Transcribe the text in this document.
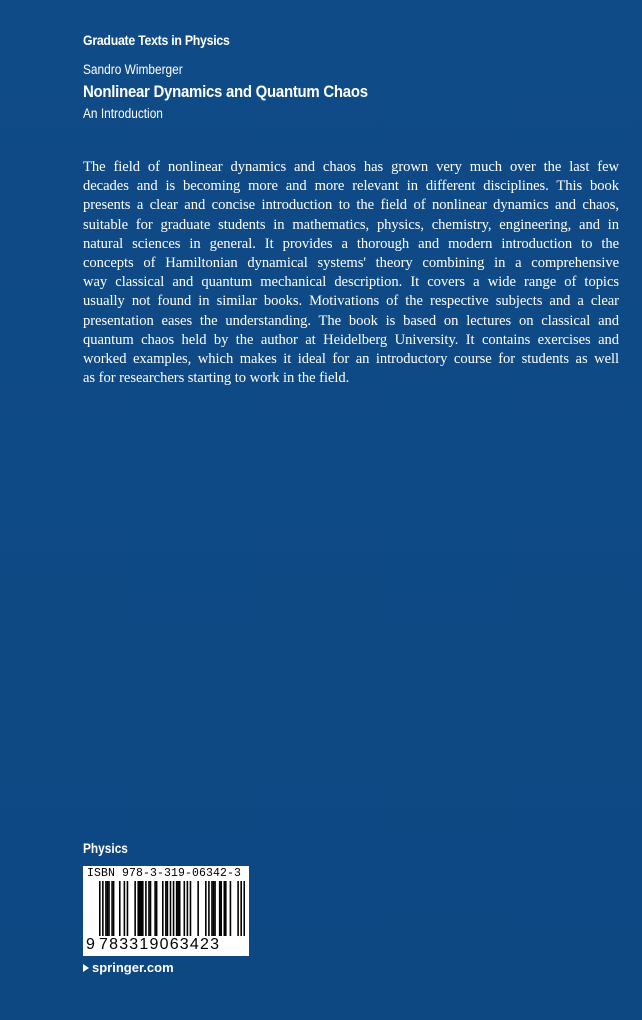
Graduate Texts in Physics
Sandro Wimberger
Nonlinear Dynamics and Quantum Chaos
An Introduction
The field of nonlinear dynamics and chaos has grown very much over the last few
decades and is becoming more and more relevant in different disciplines. This book
presents a clear and concise introduction to the field of nonlinear dynamics and chaos,
suitable for graduate students in mathematics, physics, chemistry, engineering, and in
natural sciences in general. It provides a thorough and modern introduction to the
concepts of Hamiltonian dynamical systems' theory combining in a comprehensive
way classical and quantum mechanical description. It covers a wide range of topics
usually not found in similar books. Motivations of the respective subjects and a clear
presentation eases the understanding. The book is based on lectures on classical and
quantum chaos held by the author at Heidelberg University. It contains exercises and
worked examples, which makes it ideal for an introductory course for students as well
as for researchers starting to work in the field.
Physics
ISBN 978-3-319-06342-3
9 783319063423
springer.com
